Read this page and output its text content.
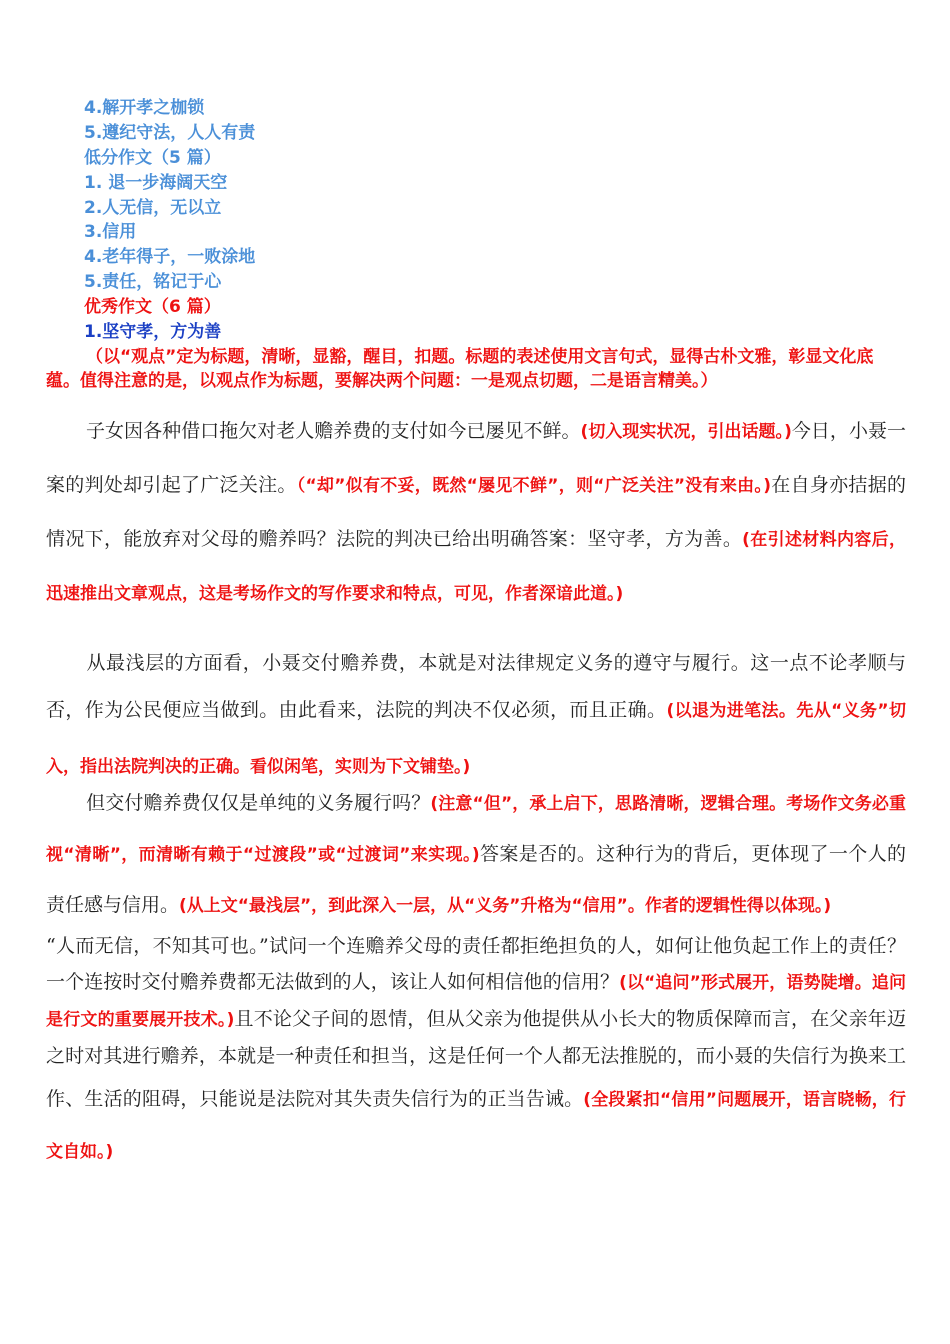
4.解开孝之枷锁
5.遵纪守法，人人有责
低分作文（5 篇）
1. 退一步海阔天空
2.人无信，无以立
3.信用
4.老年得子，一败涂地
5.责任，铭记于心
优秀作文（6 篇）
1.坚守孝，方为善
（以“观点”定为标题，清晰，显豁，醒目，扣题。标题的表述使用文言句式，显得古朴文雅，彰显文化底蕴。值得注意的是，以观点作为标题，要解决两个问题：一是观点切题，二是语言精美。）
子女因各种借口拖欠对老人赡养费的支付如今已屡见不鲜。(切入现实状况，引出话题。)今日，小聂一案的判处却引起了广泛关注。（“却”似有不妥，既然“屡见不鲜”，则“广泛关注”没有来由。)在自身亦拮据的情况下，能放弃对父母的赡养吗？法院的判决已给出明确答案：坚守孝，方为善。(在引述材料内容后，迅速推出文章观点，这是考场作文的写作要求和特点，可见，作者深谙此道。)
从最浅层的方面看，小聂交付赡养费，本就是对法律规定义务的遵守与履行。这一点不论孝顺与否，作为公民便应当做到。由此看来，法院的判决不仅必须，而且正确。(以退为进笔法。先从“义务”切入，指出法院判决的正确。看似闲笔，实则为下文铺垫。)
但交付赡养费仅仅是单纯的义务履行吗？(注意“但”，承上启下，思路清晰，逻辑合理。考场作文务必重视“清晰”，而清晰有赖于“过渡段”或“过渡词”来实现。)答案是否的。这种行为的背后，更体现了一个人的责任感与信用。(从上文“最浅层”，到此深入一层，从“义务”升格为“信用”。作者的逻辑性得以体现。)
“人而无信，不知其可也。”试问一个连赡养父母的责任都拒绝担负的人，如何让他负起工作上的责任？一个连按时交付赡养费都无法做到的人，该让人如何相信他的信用？(以“追问”形式展开，语势陡增。追问是行文的重要展开技术。)且不论父子间的恩情，但从父亲为他提供从小长大的物质保障而言，在父亲年迈之时对其进行赡养，本就是一种责任和担当，这是任何一个人都无法推脱的，而小聂的失信行为换来工作、生活的阻碍，只能说是法院对其失责失信行为的正当告诫。(全段紧扣“信用”问题展开，语言晓畅，行文自如。)
